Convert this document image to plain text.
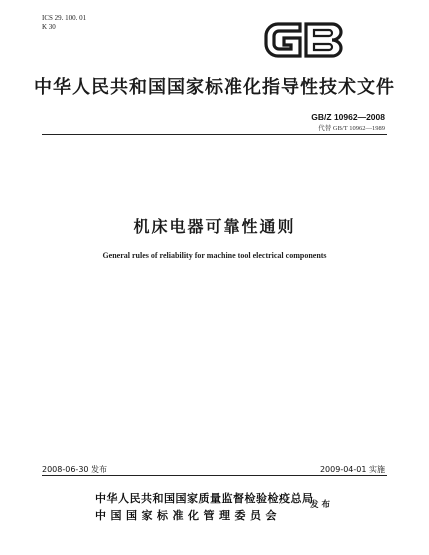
ICS 29. 100. 01
K 30
中华人民共和国国家标准化指导性技术文件
GB/Z 10962—2008
代替 GB/T 10962—1989
机床电器可靠性通则
General rules of reliability for machine tool electrical components
2008-06-30 发布	2009-04-01 实施
中华人民共和国国家质量监督检验检疫总局
中国国家标准化管理委员会
发布
